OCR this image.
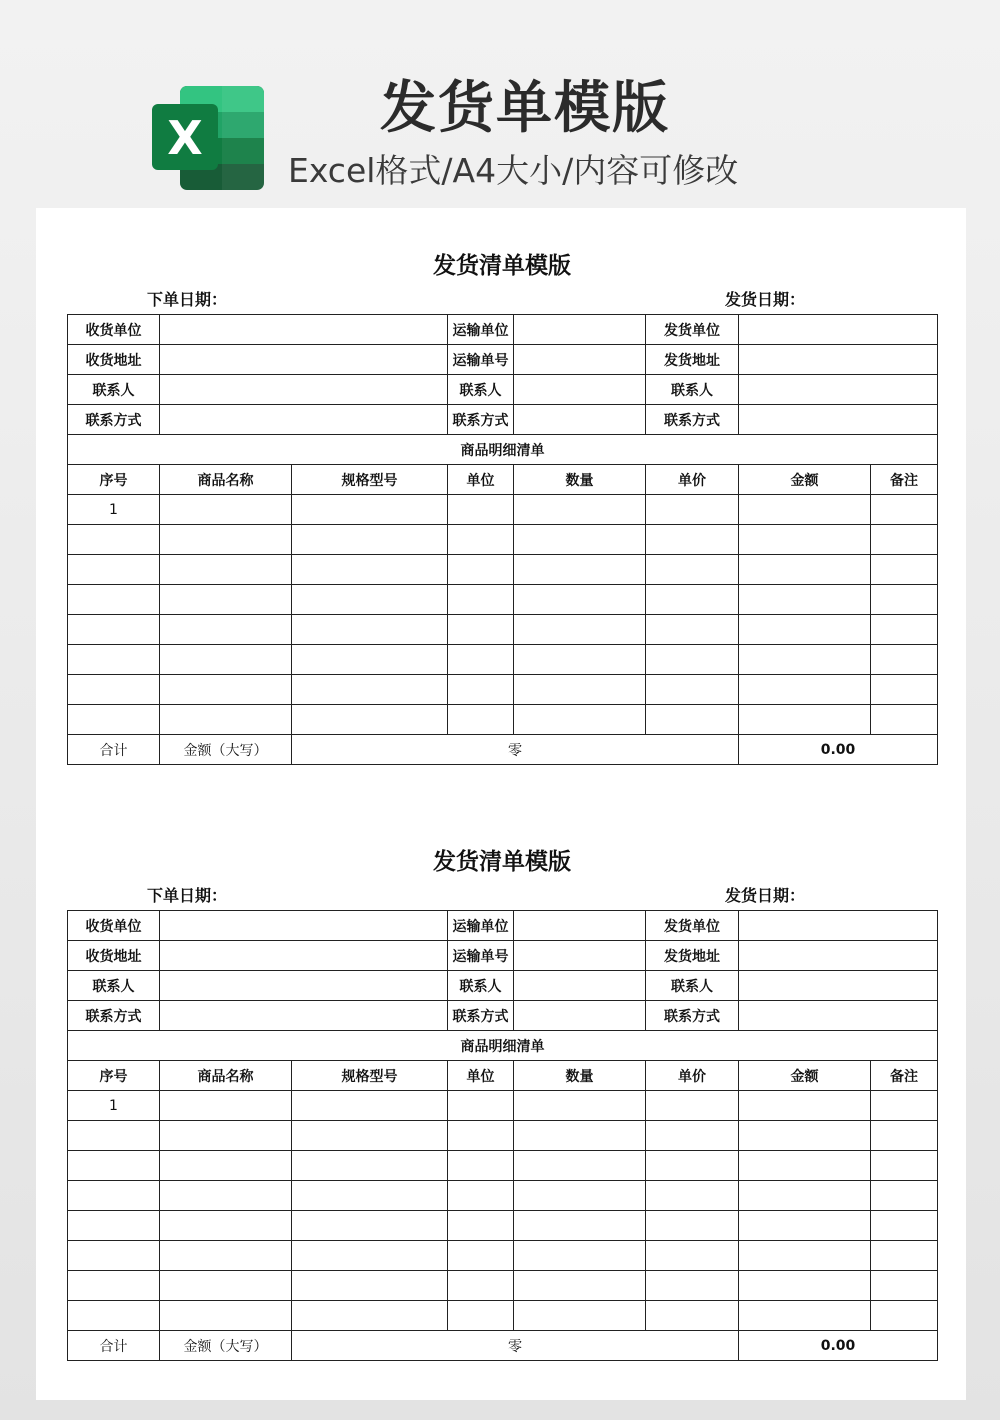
X	发货单模版
Excel格式/A4大小/内容可修改
发货清单模版
下单日期：	发货日期：
收货单位			运输单位		发货单位		
收货地址			运输单号		发货地址		
联系人			联系人		联系人		
联系方式			联系方式		联系方式		
商品明细清单							
序号	商品名称	规格型号	单位	数量	单价	金额	备注
1							

合计	金额（大写）	零				0.00	
发货清单模版
下单日期：	发货日期：
收货单位			运输单位		发货单位		
收货地址			运输单号		发货地址		
联系人			联系人		联系人		
联系方式			联系方式		联系方式		
商品明细清单							
序号	商品名称	规格型号	单位	数量	单价	金额	备注
1							

合计	金额（大写）	零				0.00	
